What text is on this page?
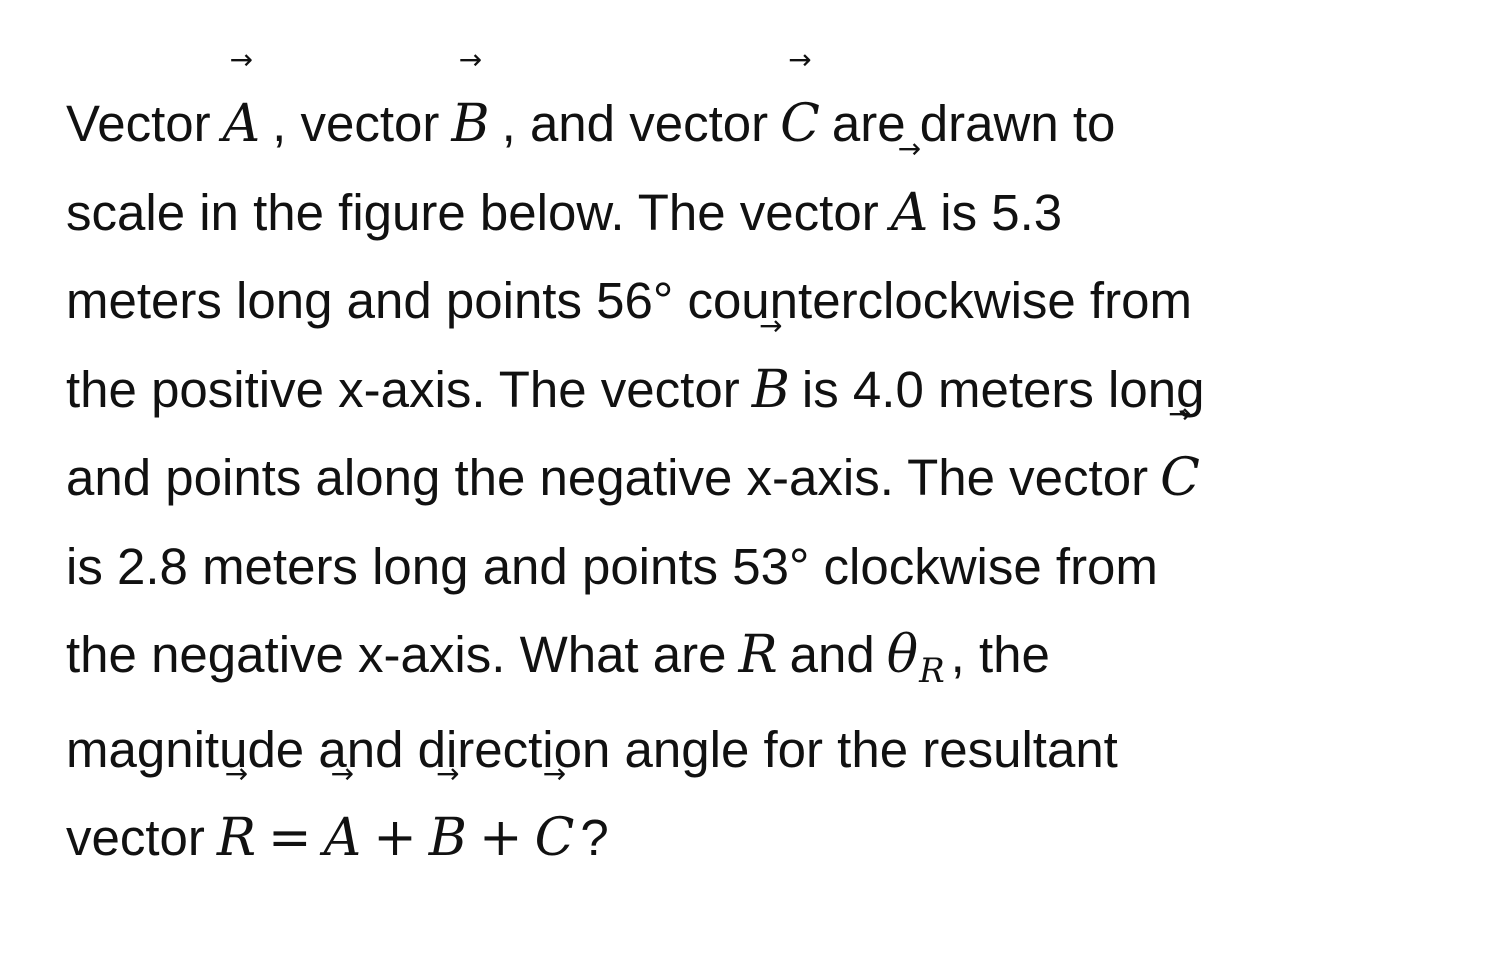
Vector A → , vector B → , and vector C → are drawn to
scale in the figure below. The vector A → is 5.3
meters long and points 56° counterclockwise from
the positive x-axis. The vector B → is 4.0 meters long
and points along the negative x-axis. The vector C →
is 2.8 meters long and points 53° clockwise from
the negative x-axis. What are R and θR , the
magnitude and direction angle for the resultant
vector R → = A → + B → + C → ?
